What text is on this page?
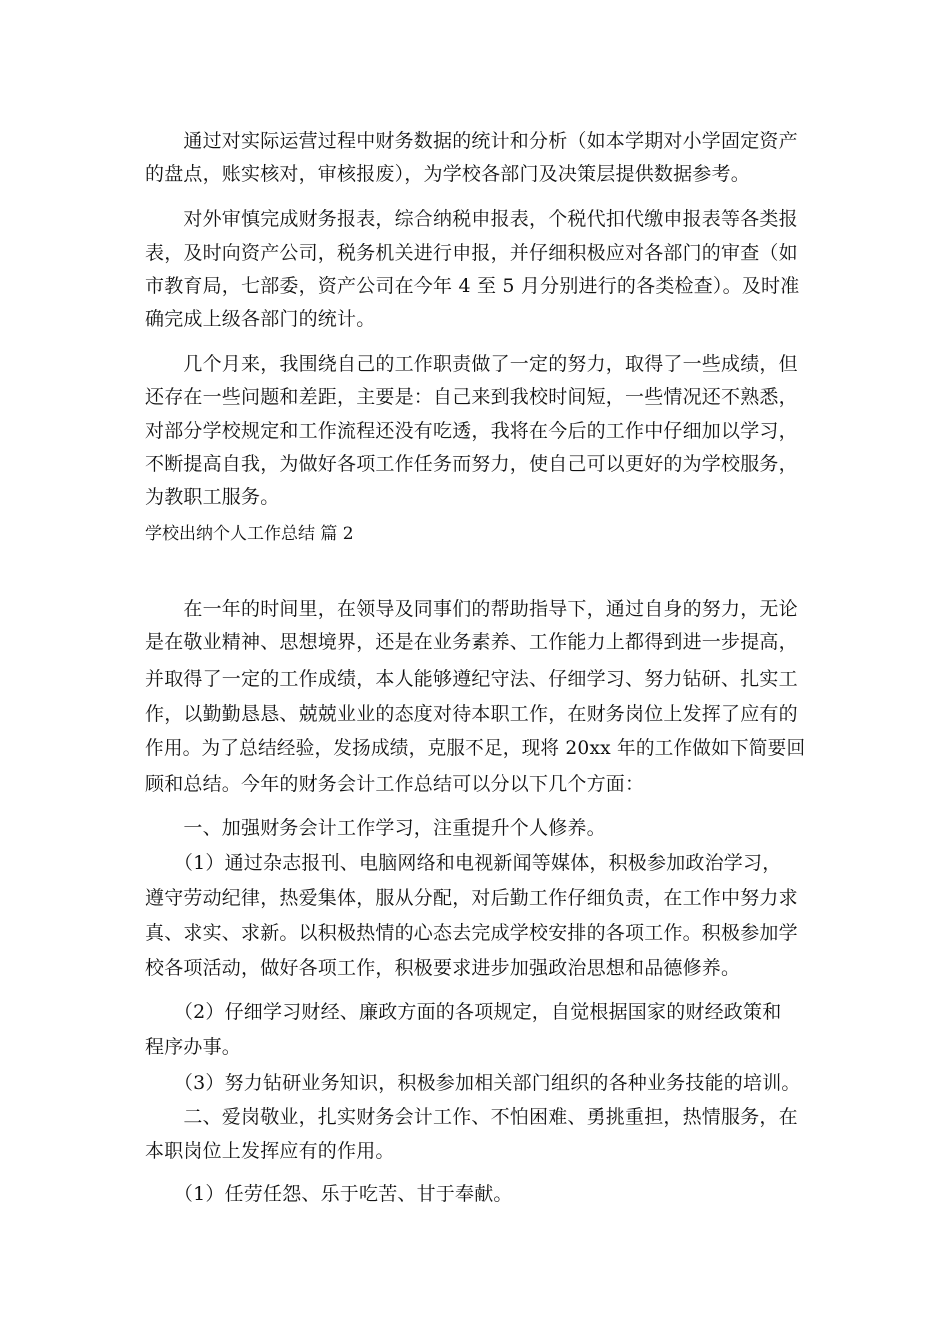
　　通过对实际运营过程中财务数据的统计和分析（如本学期对小学固定资产
的盘点，账实核对，审核报废），为学校各部门及决策层提供数据参考。
　　对外审慎完成财务报表，综合纳税申报表，个税代扣代缴申报表等各类报
表，及时向资产公司，税务机关进行申报，并仔细积极应对各部门的审查（如
市教育局，七部委，资产公司在今年 4 至 5 月分别进行的各类检查）。及时准
确完成上级各部门的统计。
　　几个月来，我围绕自己的工作职责做了一定的努力，取得了一些成绩，但
还存在一些问题和差距，主要是：自己来到我校时间短，一些情况还不熟悉，
对部分学校规定和工作流程还没有吃透，我将在今后的工作中仔细加以学习，
不断提高自我，为做好各项工作任务而努力，使自己可以更好的为学校服务，
为教职工服务。
学校出纳个人工作总结 篇 2
　　在一年的时间里，在领导及同事们的帮助指导下，通过自身的努力，无论
是在敬业精神、思想境界，还是在业务素养、工作能力上都得到进一步提高，
并取得了一定的工作成绩，本人能够遵纪守法、仔细学习、努力钻研、扎实工
作，以勤勤恳恳、兢兢业业的态度对待本职工作，在财务岗位上发挥了应有的
作用。为了总结经验，发扬成绩，克服不足，现将 20xx 年的工作做如下简要回
顾和总结。今年的财务会计工作总结可以分以下几个方面：
　　一、加强财务会计工作学习，注重提升个人修养。
　　（1）通过杂志报刊、电脑网络和电视新闻等媒体，积极参加政治学习，
遵守劳动纪律，热爱集体，服从分配，对后勤工作仔细负责，在工作中努力求
真、求实、求新。以积极热情的心态去完成学校安排的各项工作。积极参加学
校各项活动，做好各项工作，积极要求进步加强政治思想和品德修养。
　　（2）仔细学习财经、廉政方面的各项规定，自觉根据国家的财经政策和
程序办事。
　　（3）努力钻研业务知识，积极参加相关部门组织的各种业务技能的培训。
　　二、爱岗敬业，扎实财务会计工作、不怕困难、勇挑重担，热情服务，在
本职岗位上发挥应有的作用。
　　（1）任劳任怨、乐于吃苦、甘于奉献。
